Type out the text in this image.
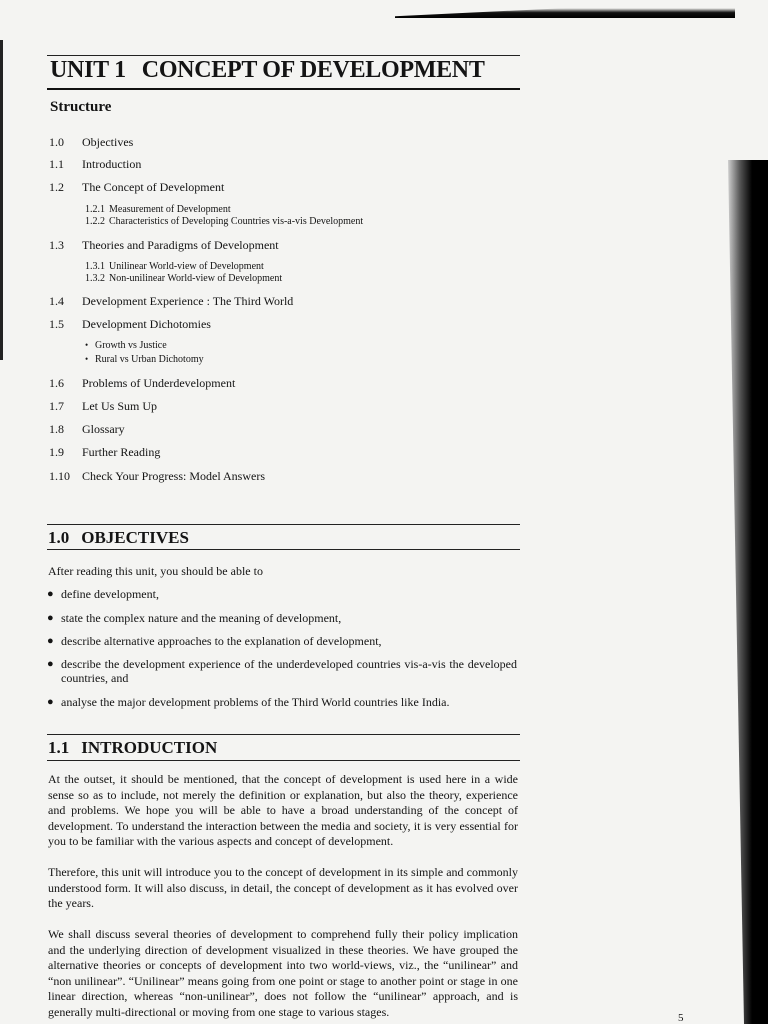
UNIT 1 CONCEPT OF DEVELOPMENT
Structure
1.0 Objectives
1.1 Introduction
1.2 The Concept of Development
1.2.1 Measurement of Development
1.2.2 Characteristics of Developing Countries vis-a-vis Development
1.3 Theories and Paradigms of Development
1.3.1 Unilinear World-view of Development
1.3.2 Non-unilinear World-view of Development
1.4 Development Experience : The Third World
1.5 Development Dichotomies
• Growth vs Justice
• Rural vs Urban Dichotomy
1.6 Problems of Underdevelopment
1.7 Let Us Sum Up
1.8 Glossary
1.9 Further Reading
1.10 Check Your Progress: Model Answers
1.0 OBJECTIVES

After reading this unit, you should be able to

● define development,
● state the complex nature and the meaning of development,
● describe alternative approaches to the explanation of development,
● describe the development experience of the underdeveloped countries vis-a-vis the developed countries, and
● analyse the major development problems of the Third World countries like India.
1.1 INTRODUCTION

At the outset, it should be mentioned, that the concept of development is used here in a wide sense so as to include, not merely the definition or explanation, but also the theory, experience and problems. We hope you will be able to have a broad understanding of the concept of development. To understand the interaction between the media and society, it is very essential for you to be familiar with the various aspects and concept of development.

Therefore, this unit will introduce you to the concept of development in its simple and commonly understood form. It will also discuss, in detail, the concept of development as it has evolved over the years.

We shall discuss several theories of development to comprehend fully their policy implication and the underlying direction of development visualized in these theories. We have grouped the alternative theories or concepts of development into two world-views, viz., the “unilinear” and “non unilinear”. “Unilinear” means going from one point or stage to another point or stage in one linear direction, whereas “non-unilinear”, does not follow the “unilinear” approach, and is generally multi-directional or moving from one stage to various stages.	5
